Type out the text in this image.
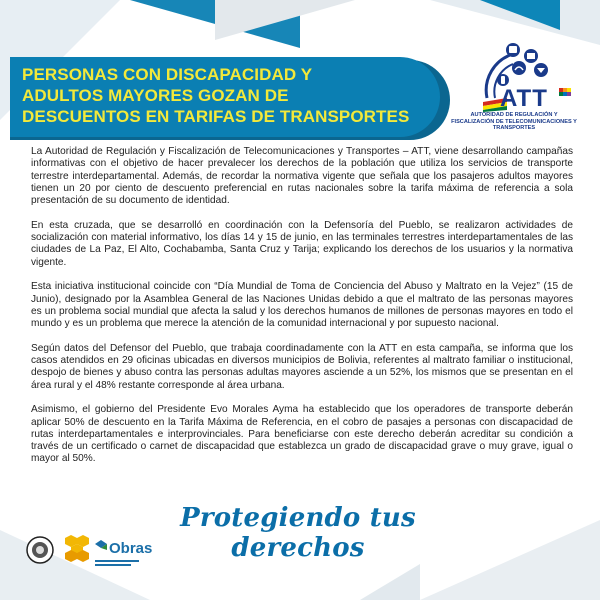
PERSONAS CON DISCAPACIDAD Y
ADULTOS MAYORES GOZAN DE
DESCUENTOS EN TARIFAS DE TRANSPORTES
ATT
AUTORIDAD DE REGULACIÓN Y FISCALIZACIÓN DE TELECOMUNICACIONES Y TRANSPORTES

La Autoridad de Regulación y Fiscalización de Telecomunicaciones y Transportes – ATT, viene desarrollando campañas informativas con el objetivo de hacer prevalecer los derechos de la población que utiliza los servicios de transporte terrestre interdepartamental. Además, de recordar la normativa vigente que señala que los pasajeros adultos mayores tienen un 20 por ciento de descuento preferencial en rutas nacionales sobre la tarifa máxima de referencia a sola presentación de su documento de identidad.

En esta cruzada, que se desarrolló en coordinación con la Defensoría del Pueblo, se realizaron actividades de socialización con material informativo, los días 14 y 15 de junio, en las terminales terrestres interdepartamentales de las ciudades de La Paz, El Alto, Cochabamba, Santa Cruz y Tarija; explicando los derechos de los usuarios y la normativa vigente.

Esta iniciativa institucional coincide con “Día Mundial de Toma de Conciencia del Abuso y Maltrato en la Vejez” (15 de Junio), designado por la Asamblea General de las Naciones Unidas debido a que el maltrato de las personas mayores es un problema social mundial que afecta la salud y los derechos humanos de millones de personas mayores en todo el mundo y es un problema que merece la atención de la comunidad internacional y por supuesto nacional.

Según datos del Defensor del Pueblo, que trabaja coordinadamente con la ATT en esta campaña, se informa que los casos atendidos en 29 oficinas ubicadas en diversos municipios de Bolivia, referentes al maltrato familiar o institucional, despojo de bienes y abuso contra las personas adultas mayores asciende a un 52%, los mismos que se presentan en el área rural y el 48% restante corresponde al área urbana.

Asimismo, el gobierno del Presidente Evo Morales Ayma ha establecido que los operadores de transporte deberán aplicar 50% de descuento en la Tarifa Máxima de Referencia, en el cobro de pasajes a personas con discapacidad de rutas interdepartamentales e interprovinciales. Para beneficiarse con este derecho deberán acreditar su condición a través de un certificado o carnet de discapacidad que establezca un grado de discapacidad grave o muy grave, igual o mayor al 50%.

Protegiendo tus derechos
Obras
